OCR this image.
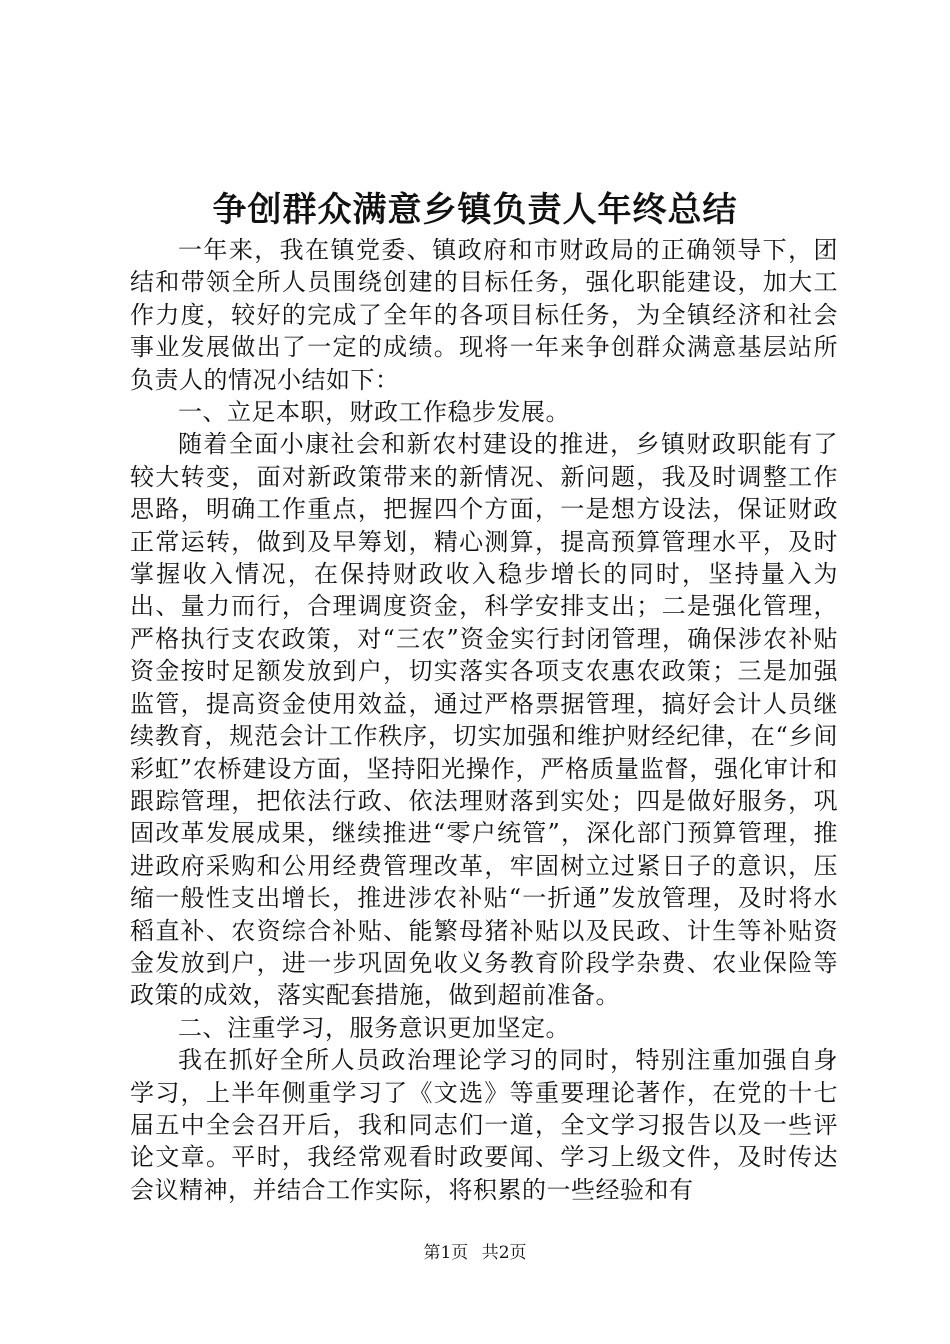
争创群众满意乡镇负责人年终总结

一年来，我在镇党委、镇政府和市财政局的正确领导下，团结和带领全所人员围绕创建的目标任务，强化职能建设，加大工作力度，较好的完成了全年的各项目标任务，为全镇经济和社会事业发展做出了一定的成绩。现将一年来争创群众满意基层站所负责人的情况小结如下：

一、立足本职，财政工作稳步发展。

随着全面小康社会和新农村建设的推进，乡镇财政职能有了较大转变，面对新政策带来的新情况、新问题，我及时调整工作思路，明确工作重点，把握四个方面，一是想方设法，保证财政正常运转，做到及早筹划，精心测算，提高预算管理水平，及时掌握收入情况，在保持财政收入稳步增长的同时，坚持量入为出、量力而行，合理调度资金，科学安排支出；二是强化管理，严格执行支农政策，对“三农”资金实行封闭管理，确保涉农补贴资金按时足额发放到户，切实落实各项支农惠农政策；三是加强监管，提高资金使用效益，通过严格票据管理，搞好会计人员继续教育，规范会计工作秩序，切实加强和维护财经纪律，在“乡间彩虹”农桥建设方面，坚持阳光操作，严格质量监督，强化审计和跟踪管理，把依法行政、依法理财落到实处；四是做好服务，巩固改革发展成果，继续推进“零户统管”，深化部门预算管理，推进政府采购和公用经费管理改革，牢固树立过紧日子的意识，压缩一般性支出增长，推进涉农补贴“一折通”发放管理，及时将水稻直补、农资综合补贴、能繁母猪补贴以及民政、计生等补贴资金发放到户，进一步巩固免收义务教育阶段学杂费、农业保险等政策的成效，落实配套措施，做到超前准备。

二、注重学习，服务意识更加坚定。

我在抓好全所人员政治理论学习的同时，特别注重加强自身学习，上半年侧重学习了《文选》等重要理论著作，在党的十七届五中全会召开后，我和同志们一道，全文学习报告以及一些评论文章。平时，我经常观看时政要闻、学习上级文件，及时传达会议精神，并结合工作实际，将积累的一些经验和有

第1页 共2页
